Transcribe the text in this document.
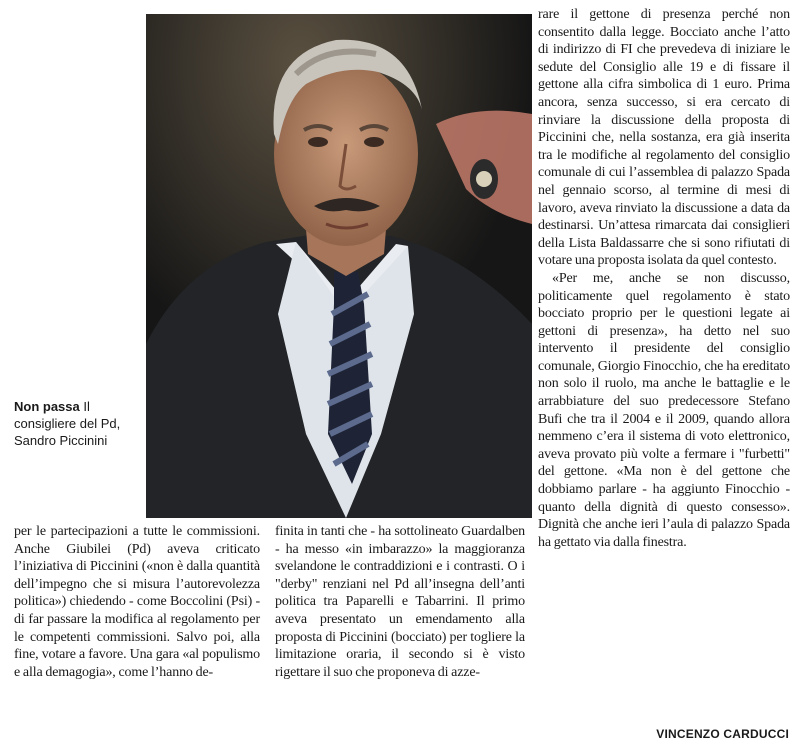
Non passa Il consigliere del Pd, Sandro Piccinini

per le partecipazioni a tutte le commissioni. Anche Giubilei (Pd) aveva criticato l’iniziativa di Piccinini («non è dalla quantità dell’impegno che si misura l’autorevolezza politica») chiedendo - come Boccolini (Psi) - di far passare la modifica al regolamento per le competenti commissioni. Salvo poi, alla fine, votare a favore. Una gara «al populismo e alla demagogia», come l’hanno de-

finita in tanti che - ha sottolineato Guardalben - ha messo «in imbarazzo» la maggioranza svelandone le contraddizioni e i contrasti. O i "derby" renziani nel Pd all’insegna dell’anti politica tra Paparelli e Tabarrini. Il primo aveva presentato un emendamento alla proposta di Piccinini (bocciato) per togliere la limitazione oraria, il secondo si è visto rigettare il suo che proponeva di azze-

rare il gettone di presenza perché non consentito dalla legge. Bocciato anche l’atto di indirizzo di FI che prevedeva di iniziare le sedute del Consiglio alle 19 e di fissare il gettone alla cifra simbolica di 1 euro. Prima ancora, senza successo, si era cercato di rinviare la discussione della proposta di Piccinini che, nella sostanza, era già inserita tra le modifiche al regolamento del consiglio comunale di cui l’assemblea di palazzo Spada nel gennaio scorso, al termine di mesi di lavoro, aveva rinviato la discussione a data da destinarsi. Un’attesa rimarcata dai consiglieri della Lista Baldassarre che si sono rifiutati di votare una proposta isolata da quel contesto.

«Per me, anche se non discusso, politicamente quel regolamento è stato bocciato proprio per le questioni legate ai gettoni di presenza», ha detto nel suo intervento il presidente del consiglio comunale, Giorgio Finocchio, che ha ereditato non solo il ruolo, ma anche le battaglie e le arrabbiature del suo predecessore Stefano Bufi che tra il 2004 e il 2009, quando allora nemmeno c’era il sistema di voto elettronico, aveva provato più volte a fermare i "furbetti" del gettone. «Ma non è del gettone che dobbiamo parlare - ha aggiunto Finocchio - quanto della dignità di questo consesso». Dignità che anche ieri l’aula di palazzo Spada ha gettato via dalla finestra.

VINCENZO CARDUCCI
